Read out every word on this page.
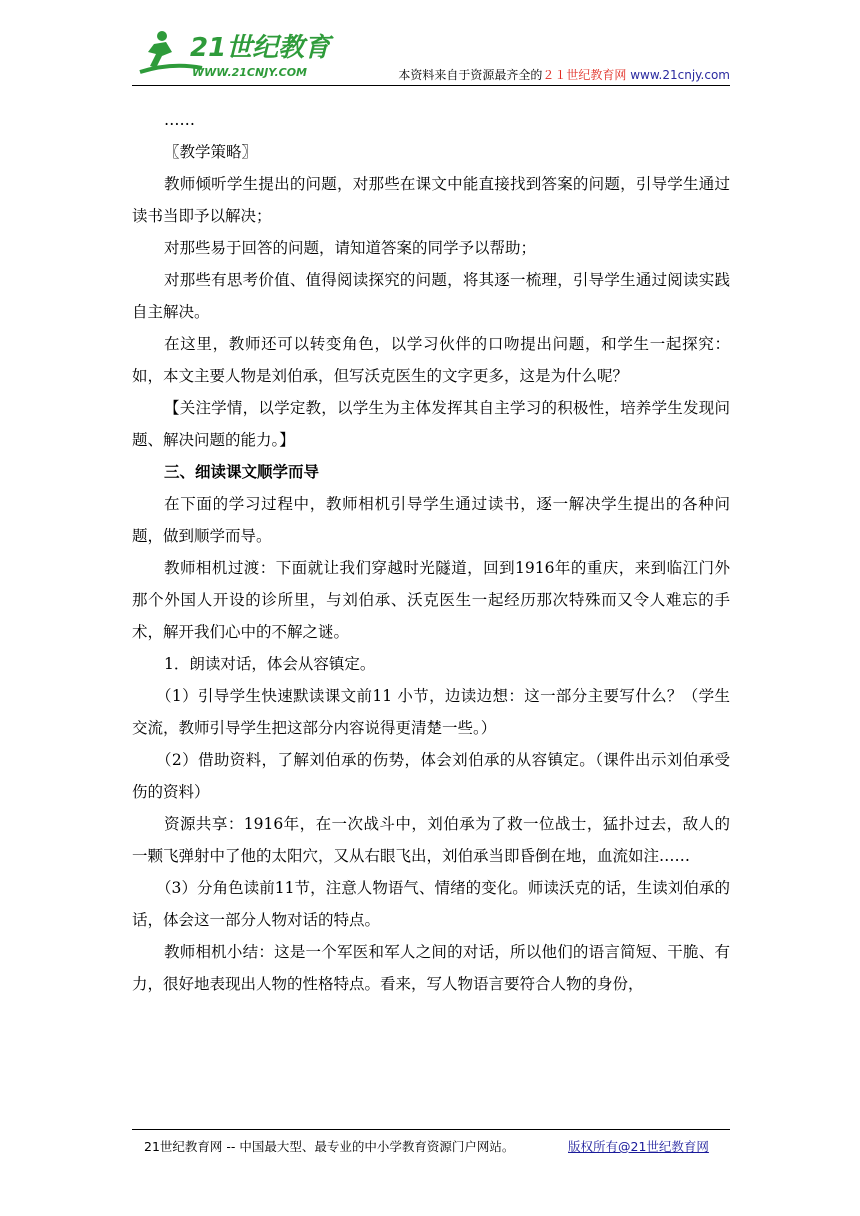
21世纪教育
WWW.21CNJY.COM	本资料来自于资源最齐全的２１世纪教育网 www.21cnjy.com

……

〖教学策略〗

教师倾听学生提出的问题，对那些在课文中能直接找到答案的问题，引导学生通过读书当即予以解决；

对那些易于回答的问题，请知道答案的同学予以帮助；

对那些有思考价值、值得阅读探究的问题，将其逐一梳理，引导学生通过阅读实践自主解决。

在这里，教师还可以转变角色，以学习伙伴的口吻提出问题，和学生一起探究：如，本文主要人物是刘伯承，但写沃克医生的文字更多，这是为什么呢？

【关注学情，以学定教，以学生为主体发挥其自主学习的积极性，培养学生发现问题、解决问题的能力。】

三、细读课文顺学而导

在下面的学习过程中，教师相机引导学生通过读书，逐一解决学生提出的各种问题，做到顺学而导。

教师相机过渡：下面就让我们穿越时光隧道，回到1916年的重庆，来到临江门外那个外国人开设的诊所里，与刘伯承、沃克医生一起经历那次特殊而又令人难忘的手术，解开我们心中的不解之谜。

1．朗读对话，体会从容镇定。

（1）引导学生快速默读课文前11 小节，边读边想：这一部分主要写什么？（学生交流，教师引导学生把这部分内容说得更清楚一些。）

（2）借助资料，了解刘伯承的伤势，体会刘伯承的从容镇定。（课件出示刘伯承受伤的资料）

资源共享：1916年，在一次战斗中，刘伯承为了救一位战士，猛扑过去，敌人的一颗飞弹射中了他的太阳穴，又从右眼飞出，刘伯承当即昏倒在地，血流如注……

（3）分角色读前11节，注意人物语气、情绪的变化。师读沃克的话，生读刘伯承的话，体会这一部分人物对话的特点。

教师相机小结：这是一个军医和军人之间的对话，所以他们的语言简短、干脆、有力，很好地表现出人物的性格特点。看来，写人物语言要符合人物的身份，

21世纪教育网 -- 中国最大型、最专业的中小学教育资源门户网站。	版权所有@21世纪教育网
